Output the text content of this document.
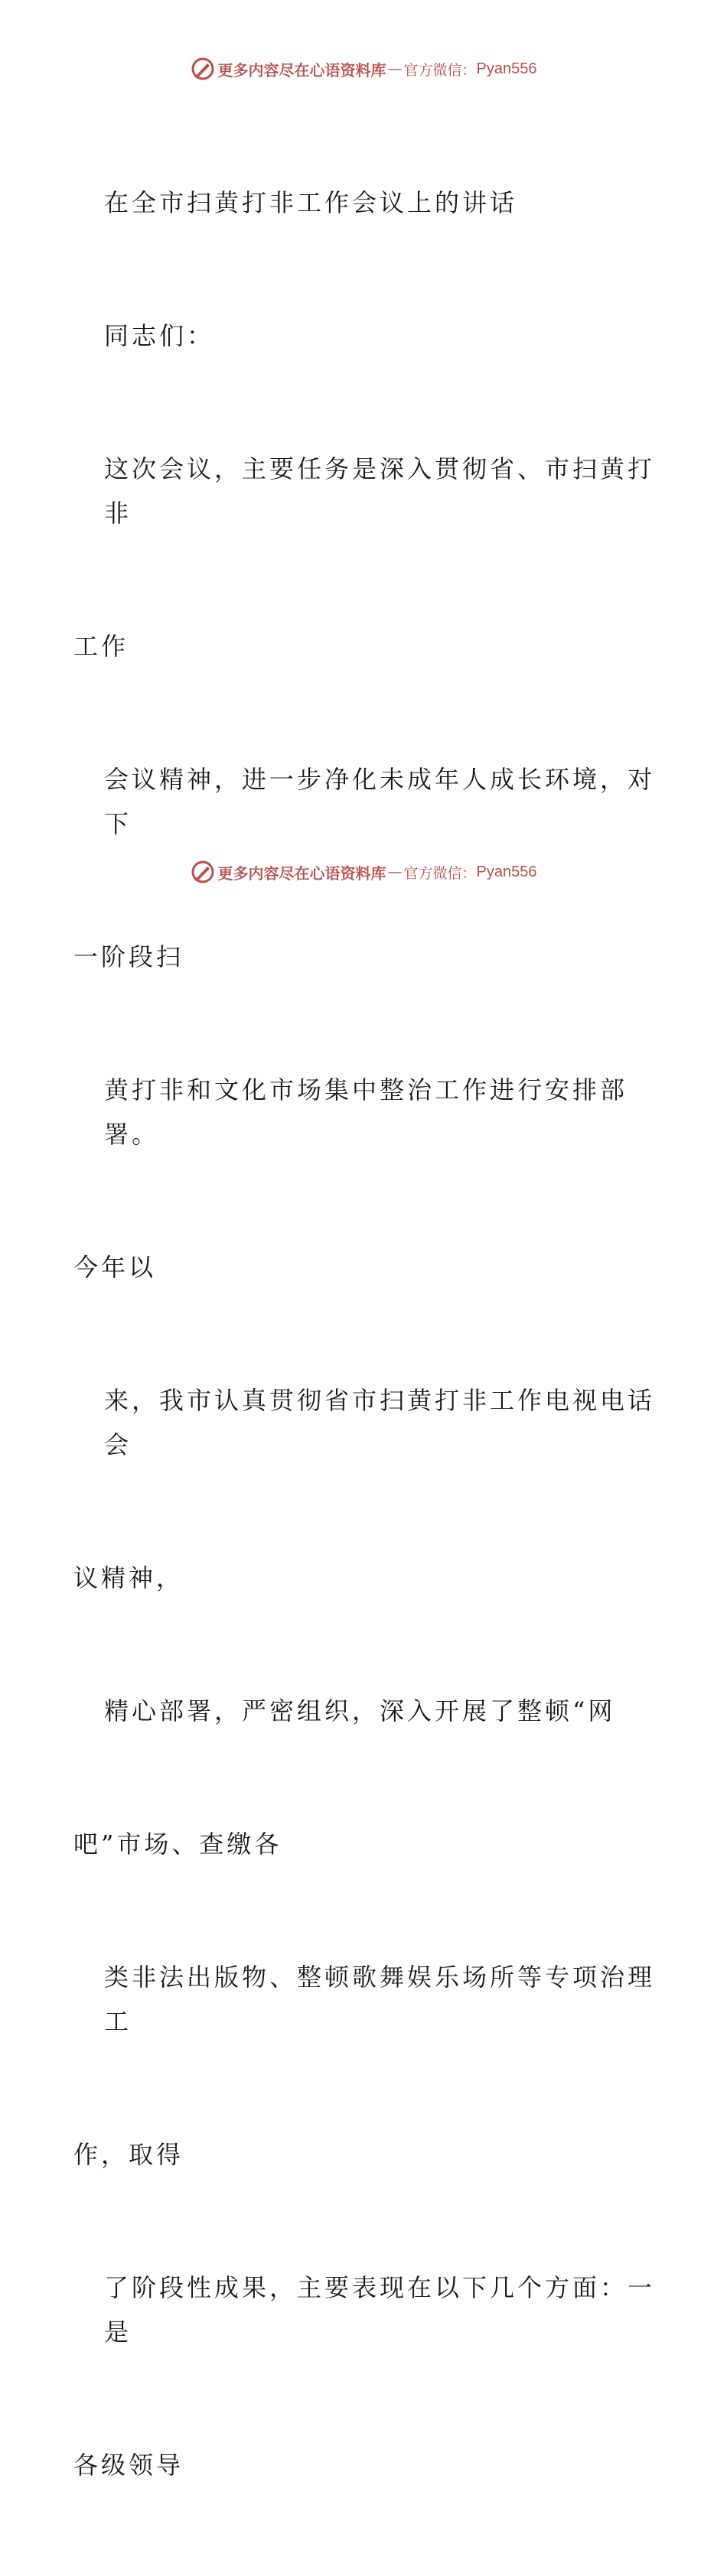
更多内容尽在心语资料库 — 官方微信： Pyan556

在全市扫黄打非工作会议上的讲话

同志们：

这次会议，主要任务是深入贯彻省、市扫黄打非

工作

会议精神，进一步净化未成年人成长环境，对下

一阶段扫

黄打非和文化市场集中整治工作进行安排部署。

今年以

来，我市认真贯彻省市扫黄打非工作电视电话会

议精神，

精心部署，严密组织，深入开展了整顿“网

吧”市场、查缴各

类非法出版物、整顿歌舞娱乐场所等专项治理工

作，取得

了阶段性成果，主要表现在以下几个方面：一是

各级领导

更多内容尽在心语资料库 — 官方微信： Pyan556
